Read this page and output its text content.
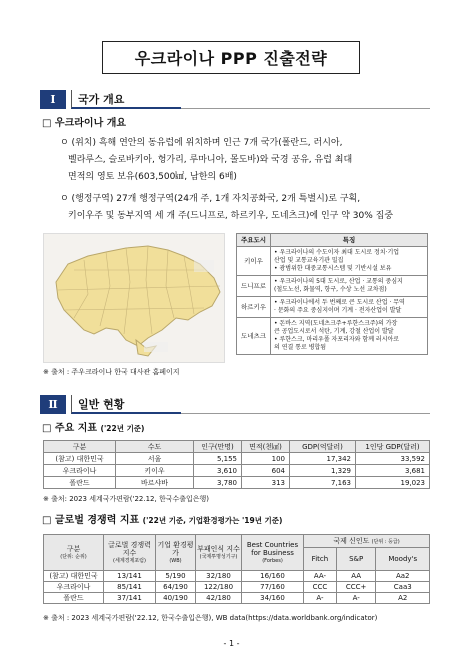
우크라이나 PPP 진출전략
Ⅰ	국가 개요
□ 우크라이나 개요
ㅇ (위치) 흑해 연안의 동유럽에 위치하며 인근 7개 국가(폴란드, 러시아,
벨라루스, 슬로바키아, 헝가리, 루마니아, 몰도바)와 국경 공유, 유럽 최대
면적의 영토 보유(603,500㎢, 남한의 6배)
ㅇ (행정구역) 27개 행정구역(24개 주, 1개 자치공화국, 2개 특별시)로 구획,
키이우주 및 동부지역 세 개 주(드니프로, 하르키우, 도네츠크)에 인구 약 30% 집중
주요도시	특징
키이우	• 우크라이나의 수도이자 최대 도시로 정치·기업
산업 및 교통교육기관 밀집
• 광범위한 대중교통시스템 및 기반시설 보유

드니프로	• 우크라이나의 5대 도시로, 산업 · 교통의 중심지
(철도노선, 화물역, 항구, 수상 노선 교차점)

하르키우	• 우크라이나에서 두 번째로 큰 도시로 산업 · 무역
· 문화의 주요 중심지이며 기계 · 전자산업이 발달

도네츠크	• 돈바스 지역(도네츠크주+루한스크주)의 가장
큰 공업도시로서 석탄, 기계, 강철 산업이 발달
• 루한스크, 마리우폴 자포리자와 함께 러시아로
의 연결 통로 병합됨
※ 출처 : 주우크라이나 한국 대사관 홈페이지
Ⅱ	일반 현황
□ 주요 지표 ('22년 기준)
구분	수도	인구(만명)	면적(천㎢)	GDP(억달러)	1인당 GDP(달러)
(참고) 대한민국	서울	5,155	100	17,342	33,592
우크라이나	키이우	3,610	604	1,329	3,681
폴란드	바르샤바	3,780	313	7,163	19,023
※ 출처: 2023 세계국가편람('22.12, 한국수출입은행)
□ 글로벌 경쟁력 지표 ('22년 기준, 기업환경평가는 '19년 기준)
구분
(단위: 순위)	글로벌 경쟁력지수
(세계경제포럼)	기업 환경평가
(WB)	부패인식 지수
(국제투명성기구)	Best Countries for Business
(Forbes)	국제 신인도 (단위 : 등급)		
					Fitch	S&P	Moody's
(참고) 대한민국	13/141	5/190	32/180	16/160	AA-	AA	Aa2
우크라이나	85/141	64/190	122/180	77/160	CCC	CCC+	Caa3
폴란드	37/141	40/190	42/180	34/160	A-	A-	A2
※ 출처 : 2023 세계국가편람('22.12, 한국수출입은행), WB data(https://data.worldbank.org/indicator)
- 1 -
